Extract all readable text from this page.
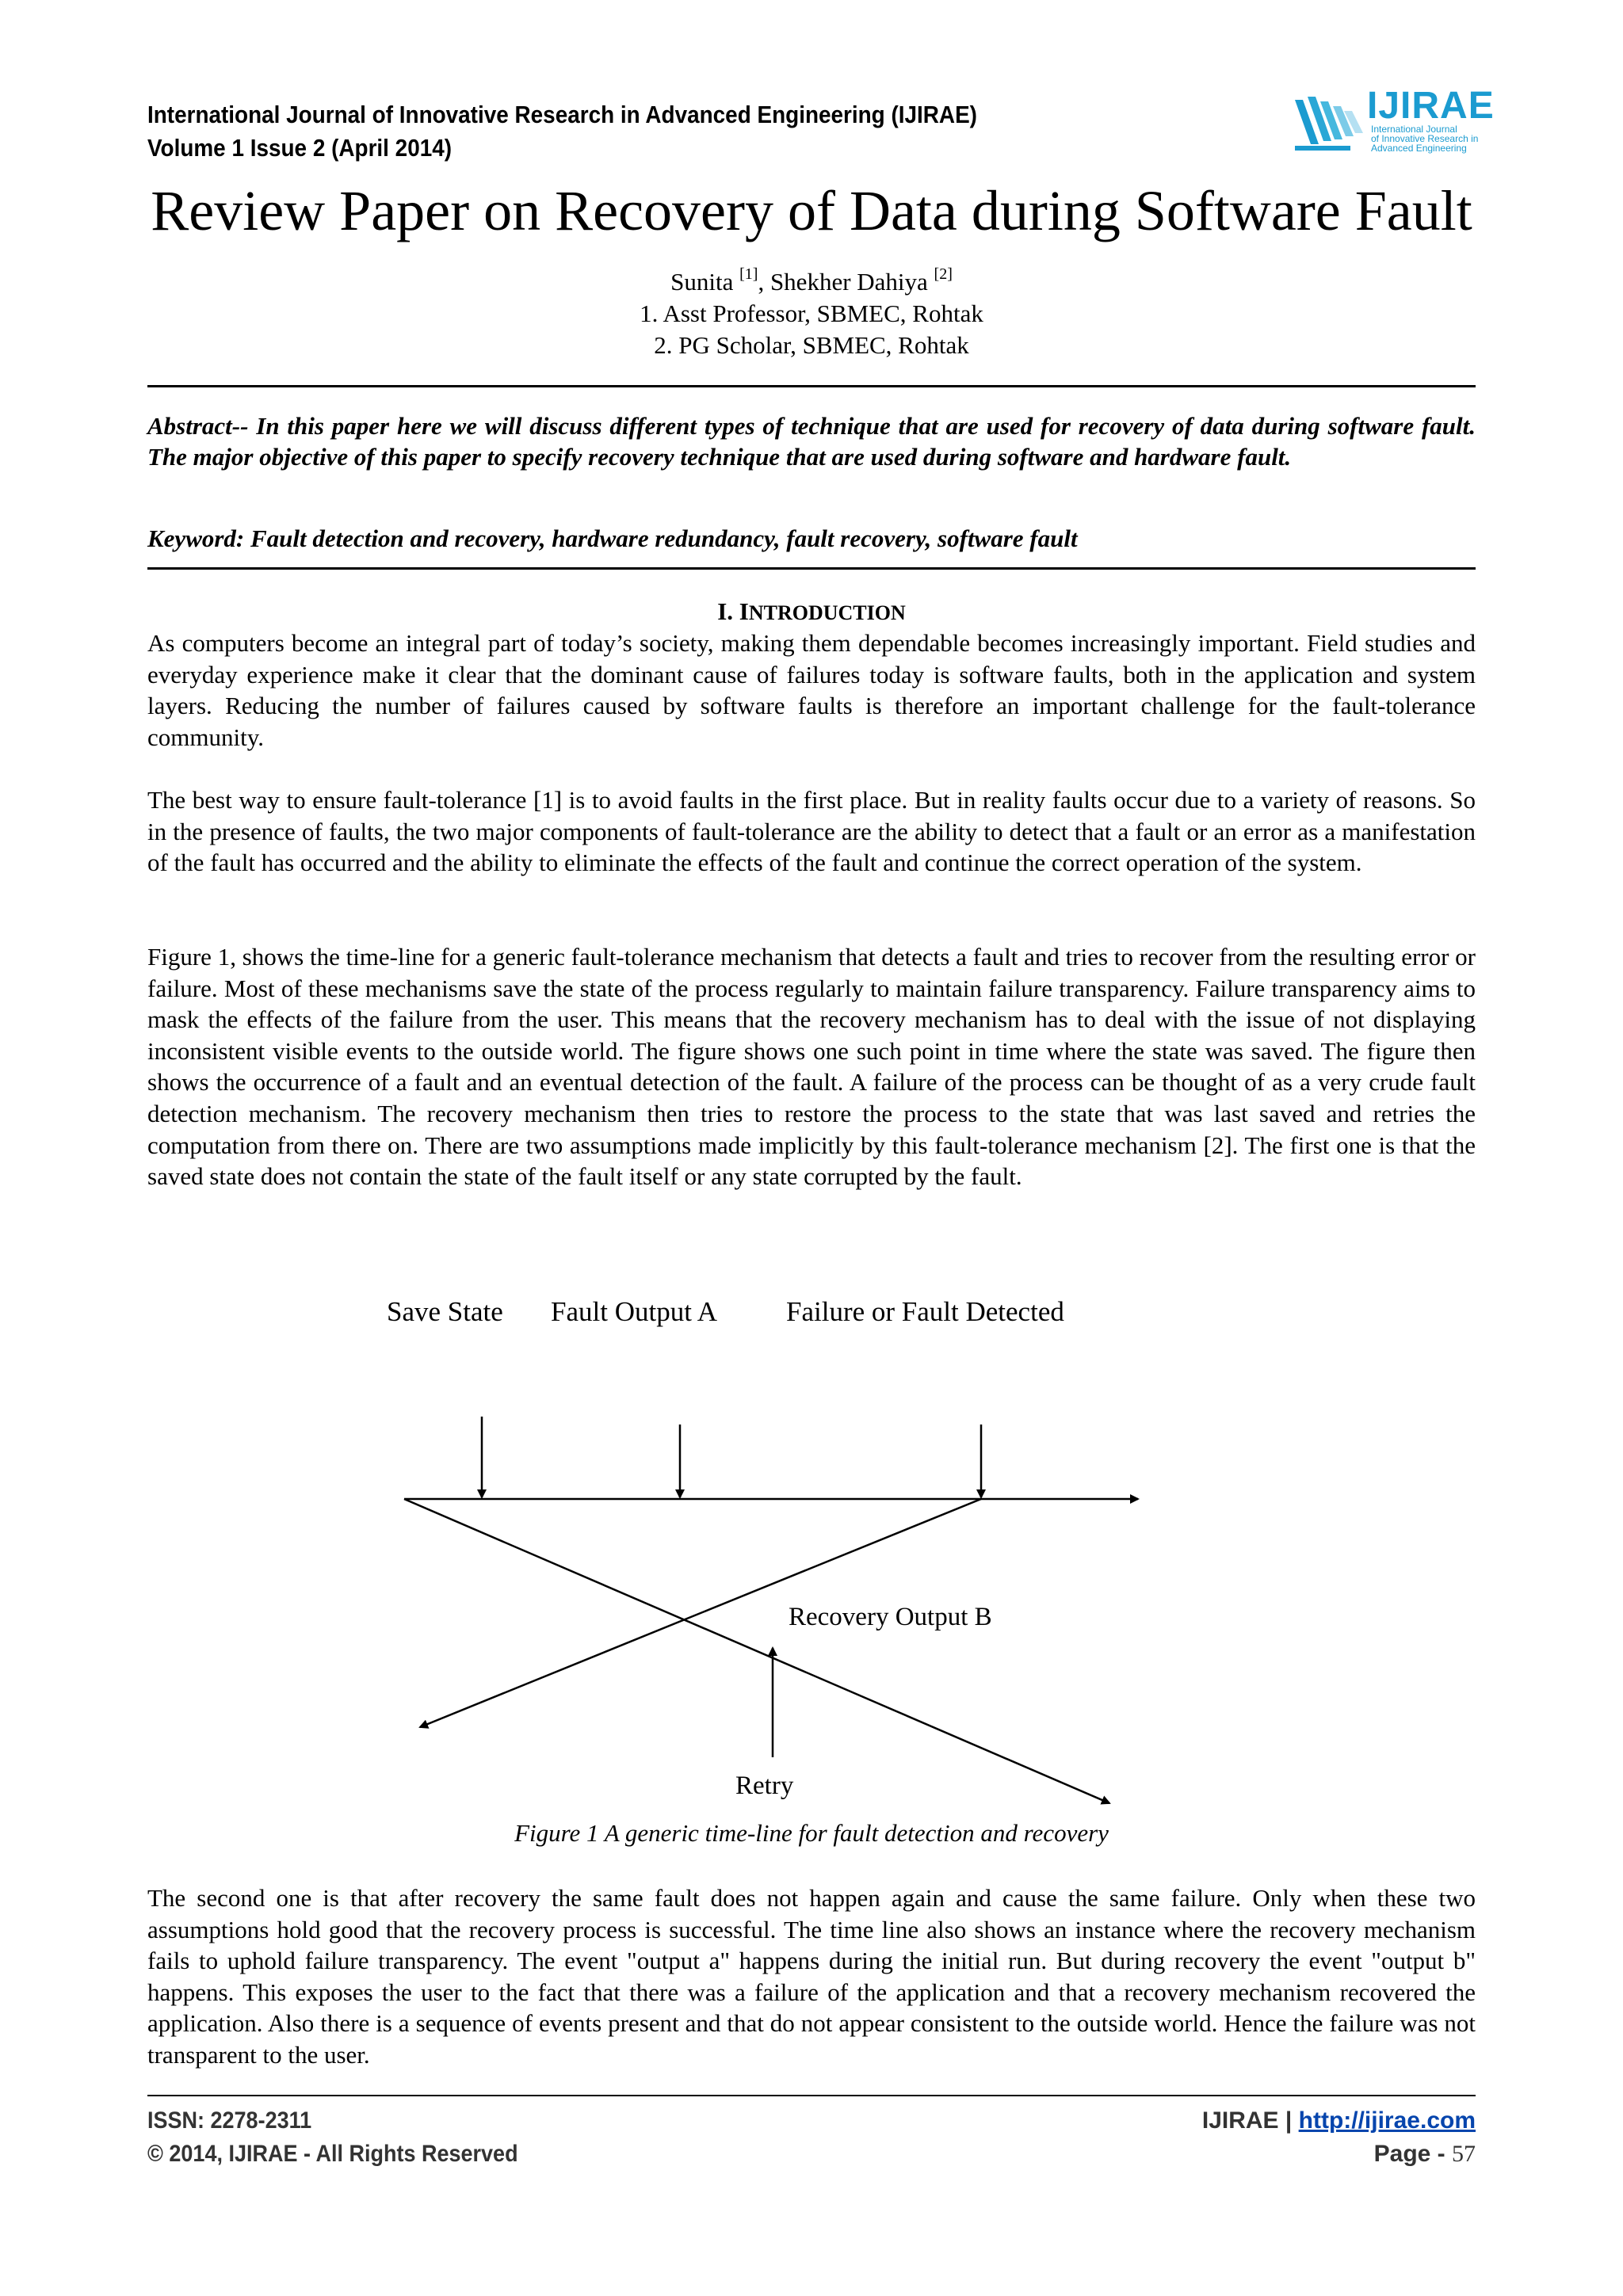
International Journal of Innovative Research in Advanced Engineering (IJIRAE)
Volume 1 Issue 2 (April 2014)
IJIRAE
International Journal
of Innovative Research in
Advanced Engineering
Review Paper on Recovery of Data during Software Fault
Sunita [1], Shekher Dahiya [2]
1. Asst Professor, SBMEC, Rohtak
2. PG Scholar, SBMEC, Rohtak
Abstract-- In this paper here we will discuss different types of technique that are used for recovery of data during software fault. The major objective of this paper to specify recovery technique that are used during software and hardware fault.
Keyword: Fault detection and recovery, hardware redundancy, fault recovery, software fault
I. INTRODUCTION

As computers become an integral part of today’s society, making them dependable becomes increasingly important. Field studies and everyday experience make it clear that the dominant cause of failures today is software faults, both in the application and system layers. Reducing the number of failures caused by software faults is therefore an important challenge for the fault-tolerance community.

The best way to ensure fault-tolerance [1] is to avoid faults in the first place. But in reality faults occur due to a variety of reasons. So in the presence of faults, the two major components of fault-tolerance are the ability to detect that a fault or an error as a manifestation of the fault has occurred and the ability to eliminate the effects of the fault and continue the correct operation of the system.

Figure 1, shows the time-line for a generic fault-tolerance mechanism that detects a fault and tries to recover from the resulting error or failure. Most of these mechanisms save the state of the process regularly to maintain failure transparency. Failure transparency aims to mask the effects of the failure from the user. This means that the recovery mechanism has to deal with the issue of not displaying inconsistent visible events to the outside world. The figure shows one such point in time where the state was saved. The figure then shows the occurrence of a fault and an eventual detection of the fault. A failure of the process can be thought of as a very crude fault detection mechanism. The recovery mechanism then tries to restore the process to the state that was last saved and retries the computation from there on. There are two assumptions made implicitly by this fault-tolerance mechanism [2]. The first one is that the saved state does not contain the state of the fault itself or any state corrupted by the fault.

Save State Fault Output A Failure or Fault Detected
Recovery Output B
Retry
Figure 1 A generic time-line for fault detection and recovery

The second one is that after recovery the same fault does not happen again and cause the same failure. Only when these two assumptions hold good that the recovery process is successful. The time line also shows an instance where the recovery mechanism fails to uphold failure transparency. The event "output a" happens during the initial run. But during recovery the event "output b" happens. This exposes the user to the fact that there was a failure of the application and that a recovery mechanism recovered the application. Also there is a sequence of events present and that do not appear consistent to the outside world. Hence the failure was not transparent to the user.

ISSN: 2278-2311
© 2014, IJIRAE - All Rights Reserved
IJIRAE | http://ijirae.com
Page - 57
